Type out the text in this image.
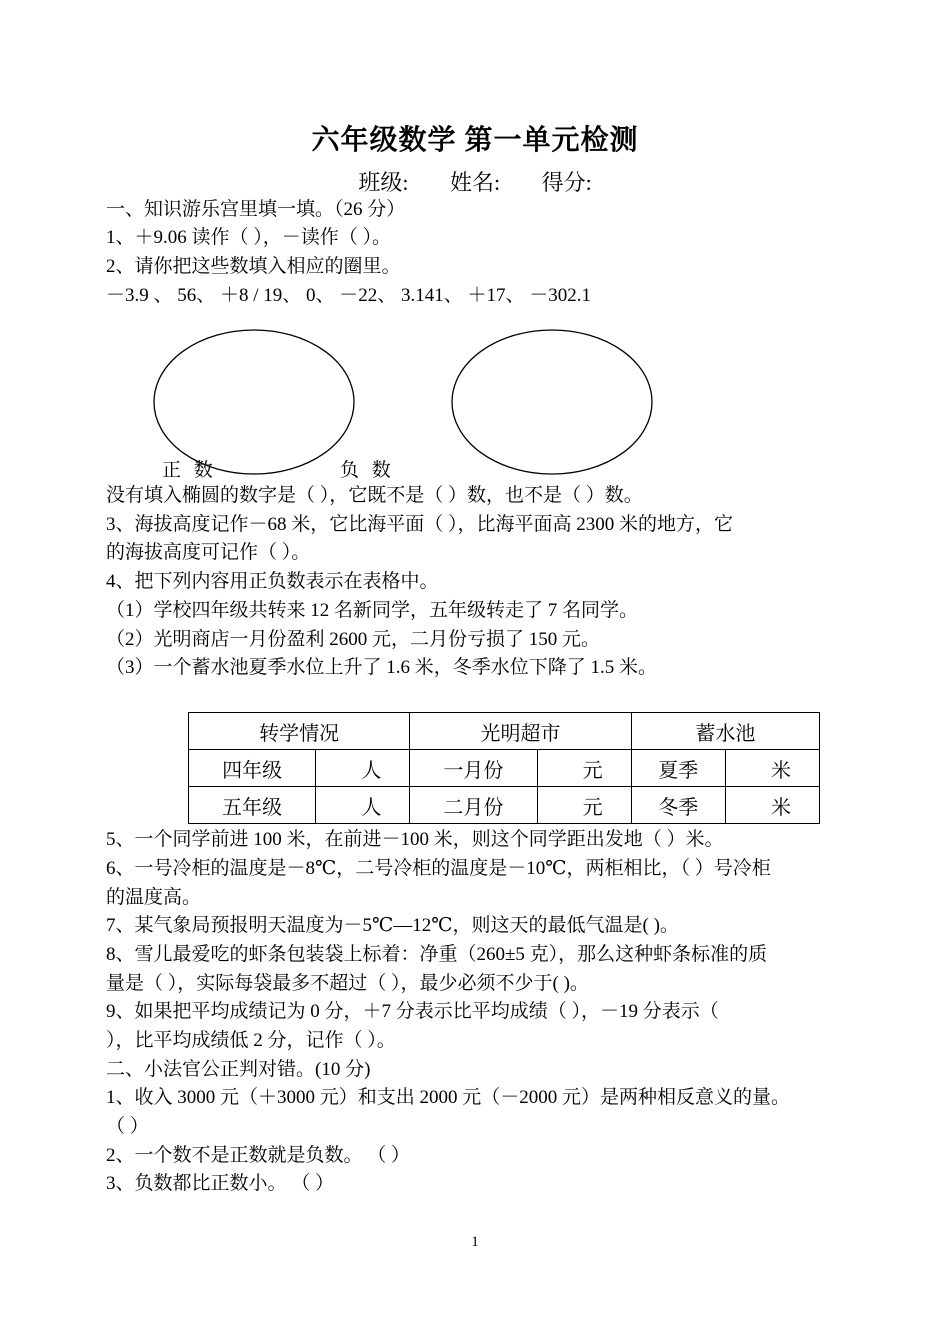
六年级数学 第一单元检测
班级: 姓名: 得分:
一、知识游乐宫里填一填。（26 分）
1、＋9.06 读作（ ），－读作（ ）。
2、请你把这些数填入相应的圈里。
－3.9 、 56、 ＋8 / 19、 0、 －22、 3.141、 ＋17、 －302.1
正 数	负 数
没有填入椭圆的数字是（ ），它既不是（ ）数，也不是（ ）数。
3、海拔高度记作－68 米，它比海平面（ ），比海平面高 2300 米的地方，它
的海拔高度可记作（ ）。
4、把下列内容用正负数表示在表格中。
（1）学校四年级共转来 12 名新同学，五年级转走了 7 名同学。
（2）光明商店一月份盈利 2600 元，二月份亏损了 150 元。
（3）一个蓄水池夏季水位上升了 1.6 米，冬季水位下降了 1.5 米。
转学情况		光明超市		蓄水池	
四年级	人	一月份	元	夏季	米
五年级	人	二月份	元	冬季	米
5、一个同学前进 100 米，在前进－100 米，则这个同学距出发地（ ）米。
6、一号冷柜的温度是－8℃，二号冷柜的温度是－10℃，两柜相比，（ ）号冷柜
的温度高。
7、某气象局预报明天温度为－5℃—12℃，则这天的最低气温是( )。
8、雪儿最爱吃的虾条包装袋上标着：净重（260±5 克），那么这种虾条标准的质
量是（ ），实际每袋最多不超过（ ），最少必须不少于( )。
9、如果把平均成绩记为 0 分，＋7 分表示比平均成绩（ ），－19 分表示（
），比平均成绩低 2 分，记作（ ）。
二、小法官公正判对错。(10 分)
1、收入 3000 元（＋3000 元）和支出 2000 元（－2000 元）是两种相反意义的量。
（ ）
2、一个数不是正数就是负数。 （ ）
3、负数都比正数小。 （ ）
1
